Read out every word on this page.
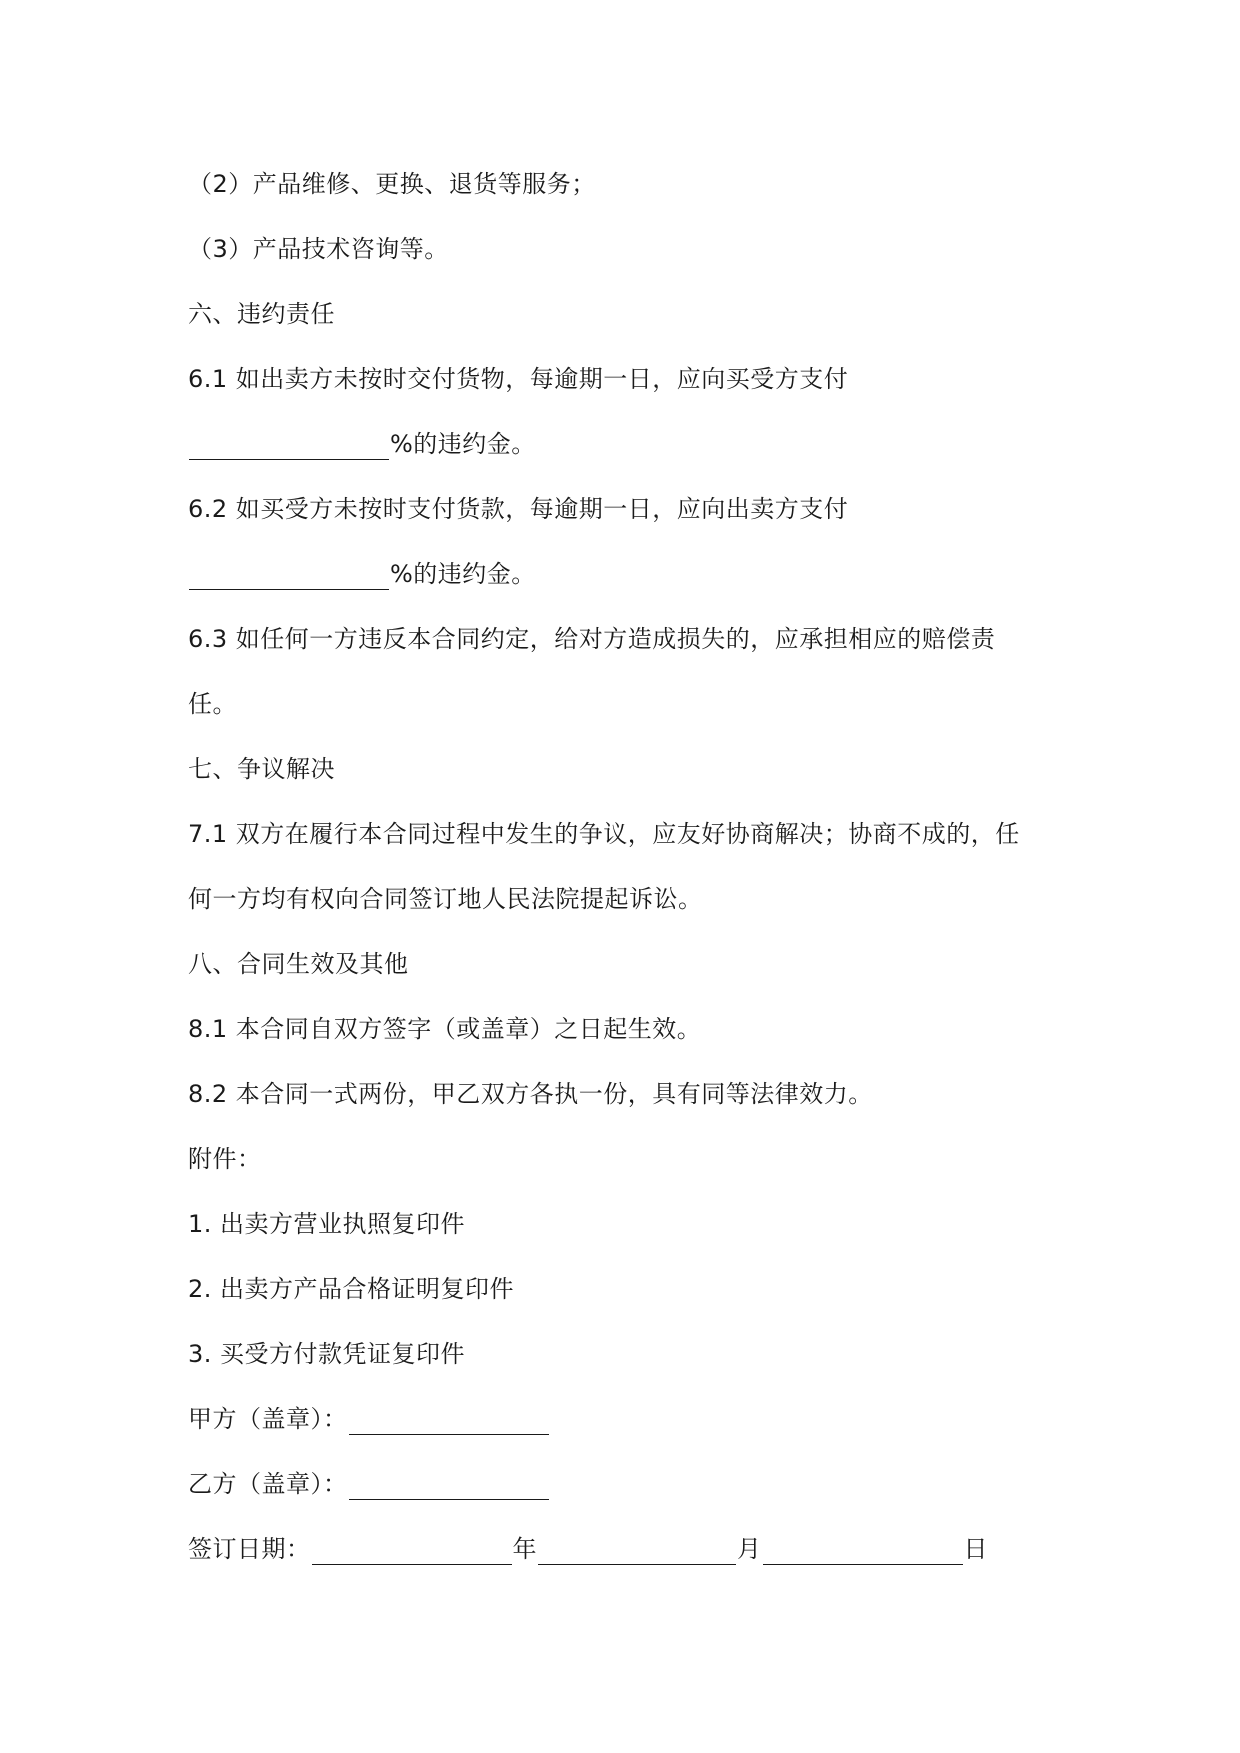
（2）产品维修、更换、退货等服务；
（3）产品技术咨询等。
六、违约责任
6.1 如出卖方未按时交付货物，每逾期一日，应向买受方支付
%的违约金。
6.2 如买受方未按时支付货款，每逾期一日，应向出卖方支付
%的违约金。
6.3 如任何一方违反本合同约定，给对方造成损失的，应承担相应的赔偿责
任。
七、争议解决
7.1 双方在履行本合同过程中发生的争议，应友好协商解决；协商不成的，任
何一方均有权向合同签订地人民法院提起诉讼。
八、合同生效及其他
8.1 本合同自双方签字（或盖章）之日起生效。
8.2 本合同一式两份，甲乙双方各执一份，具有同等法律效力。
附件：
1. 出卖方营业执照复印件
2. 出卖方产品合格证明复印件
3. 买受方付款凭证复印件
甲方（盖章）：
乙方（盖章）：
签订日期：	年	月	日
